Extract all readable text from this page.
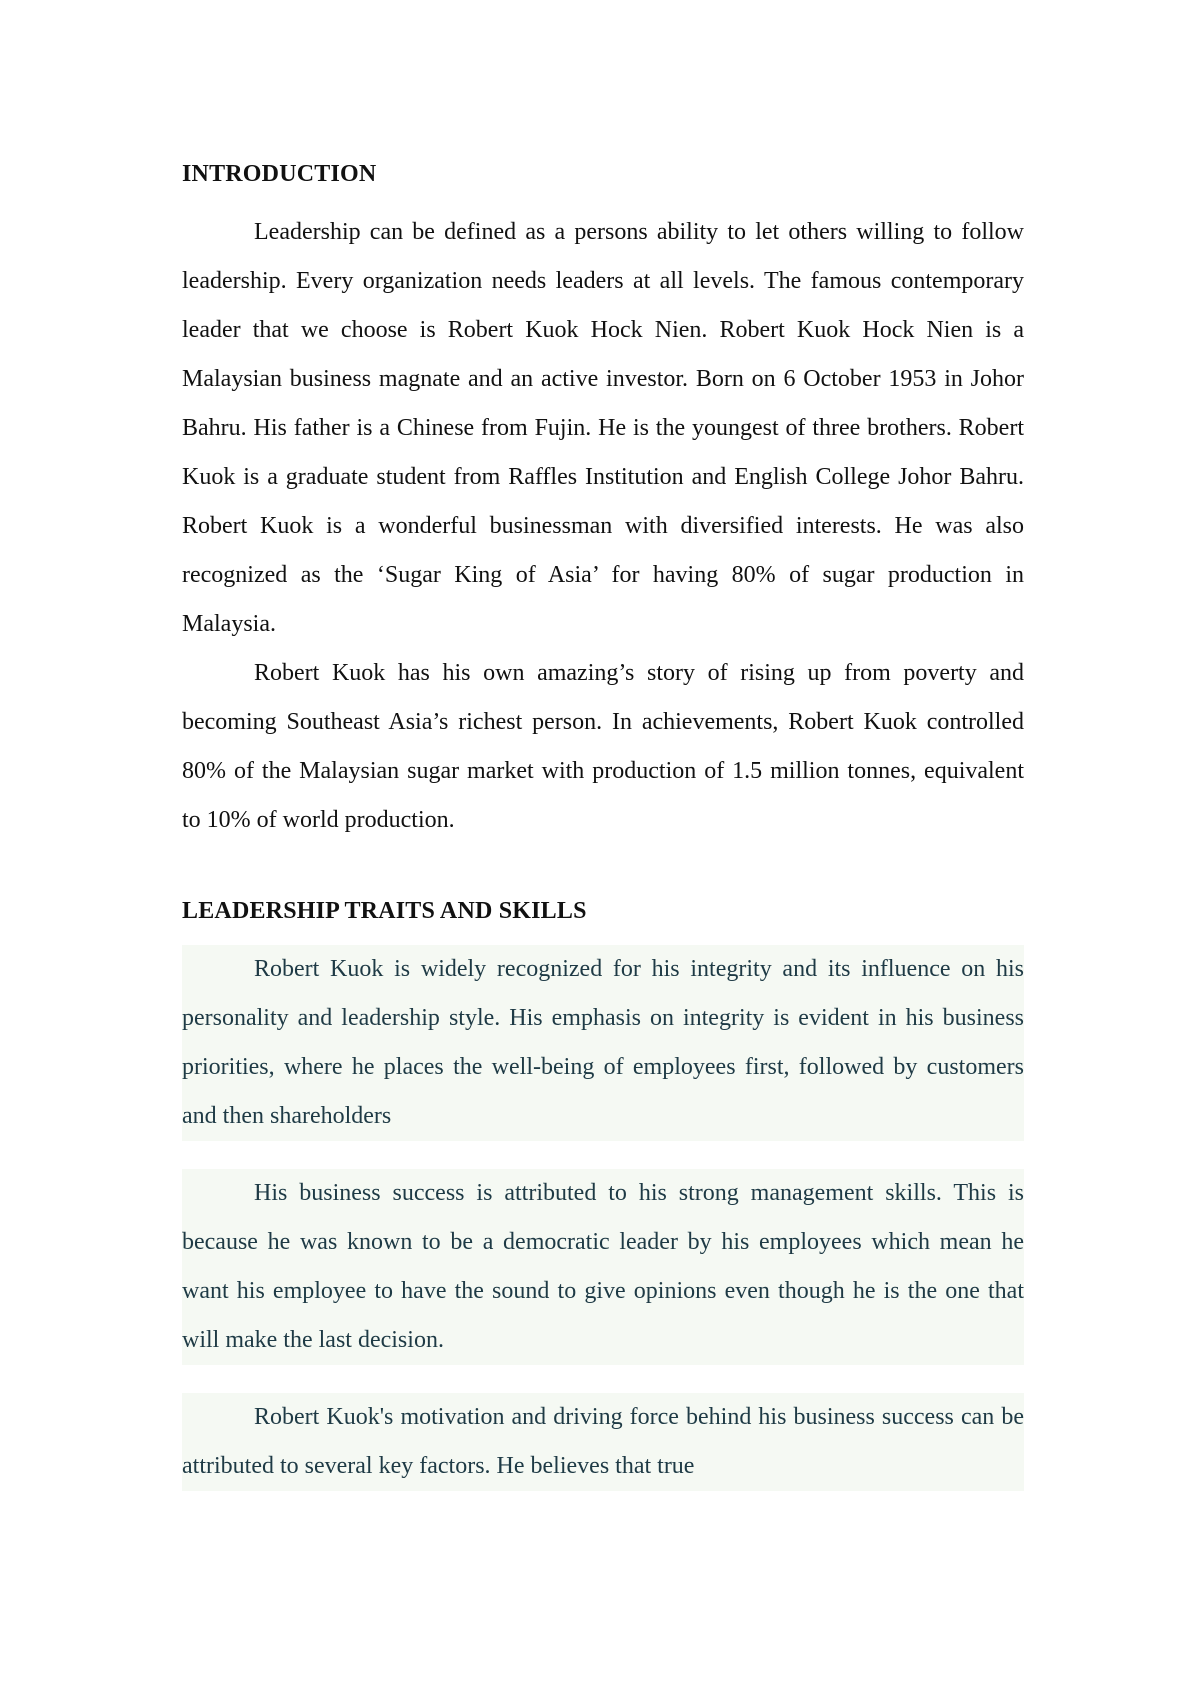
INTRODUCTION

Leadership can be defined as a persons ability to let others willing to follow leadership. Every organization needs leaders at all levels. The famous contemporary leader that we choose is Robert Kuok Hock Nien. Robert Kuok Hock Nien is a Malaysian business magnate and an active investor. Born on 6 October 1953 in Johor Bahru. His father is a Chinese from Fujin. He is the youngest of three brothers. Robert Kuok is a graduate student from Raffles Institution and English College Johor Bahru. Robert Kuok is a wonderful businessman with diversified interests. He was also recognized as the ‘Sugar King of Asia’ for having 80% of sugar production in Malaysia.

Robert Kuok has his own amazing’s story of rising up from poverty and becoming Southeast Asia’s richest person. In achievements, Robert Kuok controlled 80% of the Malaysian sugar market with production of 1.5 million tonnes, equivalent to 10% of world production.

LEADERSHIP TRAITS AND SKILLS

Robert Kuok is widely recognized for his integrity and its influence on his personality and leadership style. His emphasis on integrity is evident in his business priorities, where he places the well-being of employees first, followed by customers and then shareholders

His business success is attributed to his strong management skills. This is because he was known to be a democratic leader by his employees which mean he want his employee to have the sound to give opinions even though he is the one that will make the last decision.

Robert Kuok's motivation and driving force behind his business success can be attributed to several key factors. He believes that true
